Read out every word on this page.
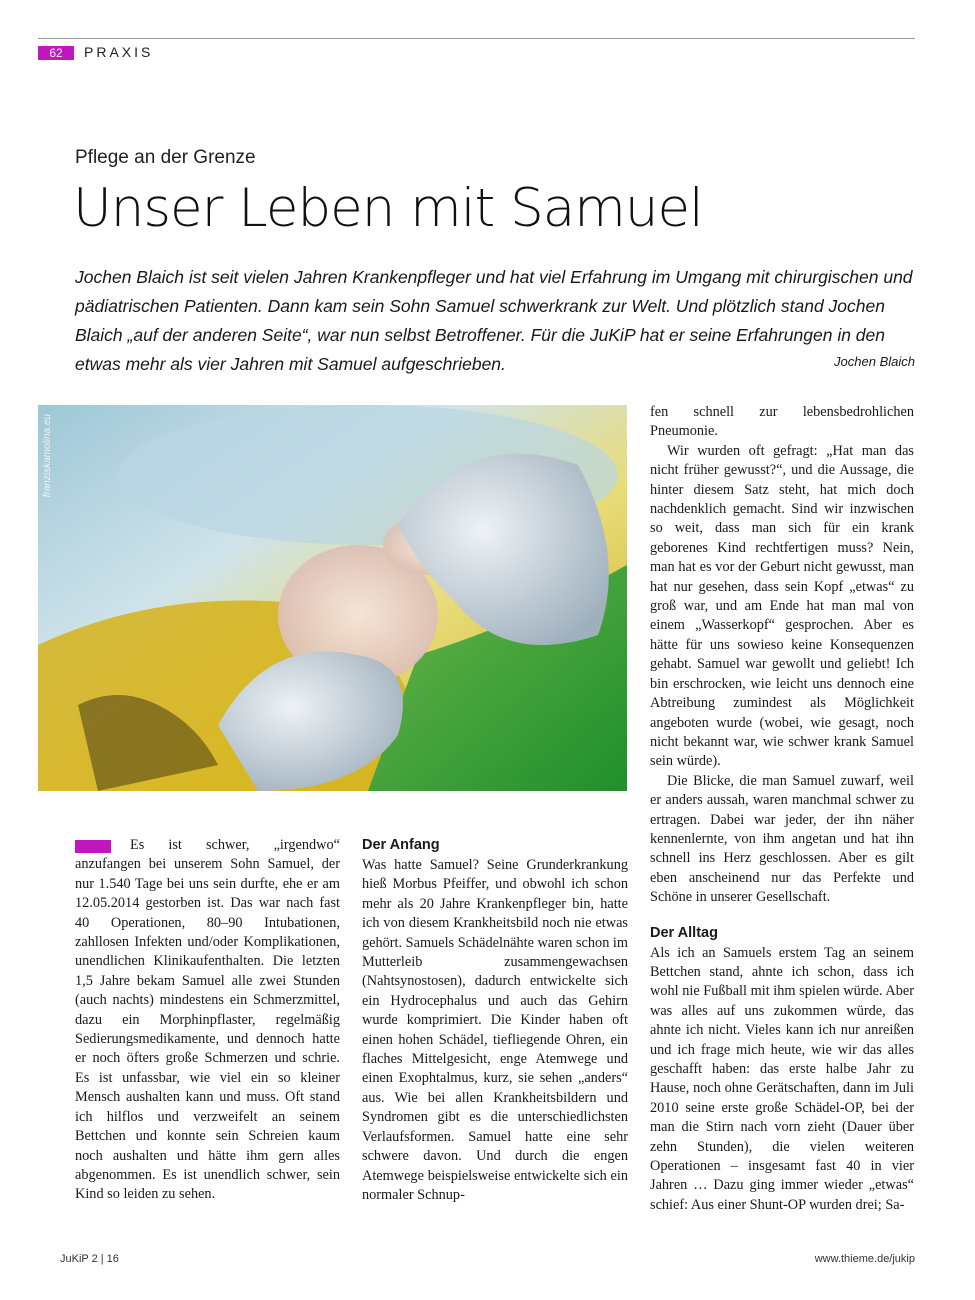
62	PRAXIS
Pflege an der Grenze
Unser Leben mit Samuel
Jochen Blaich ist seit vielen Jahren Krankenpfleger und hat viel Erfahrung im Umgang mit chirurgischen und pädiatrischen Patienten. Dann kam sein Sohn Samuel schwerkrank zur Welt. Und plötzlich stand Jochen Blaich „auf der anderen Seite“, war nun selbst Betroffener. Für die JuKiP hat er seine Erfahrungen in den etwas mehr als vier Jahren mit Samuel aufgeschrieben.	Jochen Blaich
franziskamolina.eu

Es ist schwer, „irgendwo“ anzufangen bei unserem Sohn Samuel, der nur 1.540 Tage bei uns sein durfte, ehe er am 12.05.2014 gestorben ist. Das war nach fast 40 Operationen, 80–90 Intubationen, zahllosen Infekten und/oder Komplikationen, unendlichen Klinikaufenthalten. Die letzten 1,5 Jahre bekam Samuel alle zwei Stunden (auch nachts) mindestens ein Schmerzmittel, dazu ein Morphinpflaster, regelmäßig Sedierungsmedikamente, und dennoch hatte er noch öfters große Schmerzen und schrie. Es ist unfassbar, wie viel ein so kleiner Mensch aushalten kann und muss. Oft stand ich hilflos und verzweifelt an seinem Bettchen und konnte sein Schreien kaum noch aushalten und hätte ihm gern alles abgenommen. Es ist unendlich schwer, sein Kind so leiden zu sehen.

Der Anfang

Was hatte Samuel? Seine Grunderkrankung hieß Morbus Pfeiffer, und obwohl ich schon mehr als 20 Jahre Krankenpfleger bin, hatte ich von diesem Krankheitsbild noch nie etwas gehört. Samuels Schädelnähte waren schon im Mutterleib zusammengewachsen (Nahtsynostosen), dadurch entwickelte sich ein Hydrocephalus und auch das Gehirn wurde komprimiert. Die Kinder haben oft einen hohen Schädel, tiefliegende Ohren, ein flaches Mittelgesicht, enge Atemwege und einen Exophtalmus, kurz, sie sehen „anders“ aus. Wie bei allen Krankheitsbildern und Syndromen gibt es die unterschiedlichsten Verlaufsformen. Samuel hatte eine sehr schwere davon. Und durch die engen Atemwege beispielsweise entwickelte sich ein normaler Schnup-

fen schnell zur lebensbedrohlichen Pneumonie.

Wir wurden oft gefragt: „Hat man das nicht früher gewusst?“, und die Aussage, die hinter diesem Satz steht, hat mich doch nachdenklich gemacht. Sind wir inzwischen so weit, dass man sich für ein krank geborenes Kind rechtfertigen muss? Nein, man hat es vor der Geburt nicht gewusst, man hat nur gesehen, dass sein Kopf „etwas“ zu groß war, und am Ende hat man mal von einem „Wasserkopf“ gesprochen. Aber es hätte für uns sowieso keine Konsequenzen gehabt. Samuel war gewollt und geliebt! Ich bin erschrocken, wie leicht uns dennoch eine Abtreibung zumindest als Möglichkeit angeboten wurde (wobei, wie gesagt, noch nicht bekannt war, wie schwer krank Samuel sein würde).

Die Blicke, die man Samuel zuwarf, weil er anders aussah, waren manchmal schwer zu ertragen. Dabei war jeder, der ihn näher kennenlernte, von ihm angetan und hat ihn schnell ins Herz geschlossen. Aber es gilt eben anscheinend nur das Perfekte und Schöne in unserer Gesellschaft.

Der Alltag

Als ich an Samuels erstem Tag an seinem Bettchen stand, ahnte ich schon, dass ich wohl nie Fußball mit ihm spielen würde. Aber was alles auf uns zukommen würde, das ahnte ich nicht. Vieles kann ich nur anreißen und ich frage mich heute, wie wir das alles geschafft haben: das erste halbe Jahr zu Hause, noch ohne Gerätschaften, dann im Juli 2010 seine erste große Schädel-OP, bei der man die Stirn nach vorn zieht (Dauer über zehn Stunden), die vielen weiteren Operationen – insgesamt fast 40 in vier Jahren … Dazu ging immer wieder „etwas“ schief: Aus einer Shunt-OP wurden drei; Sa-

JuKiP 2 | 16	www.thieme.de/jukip
